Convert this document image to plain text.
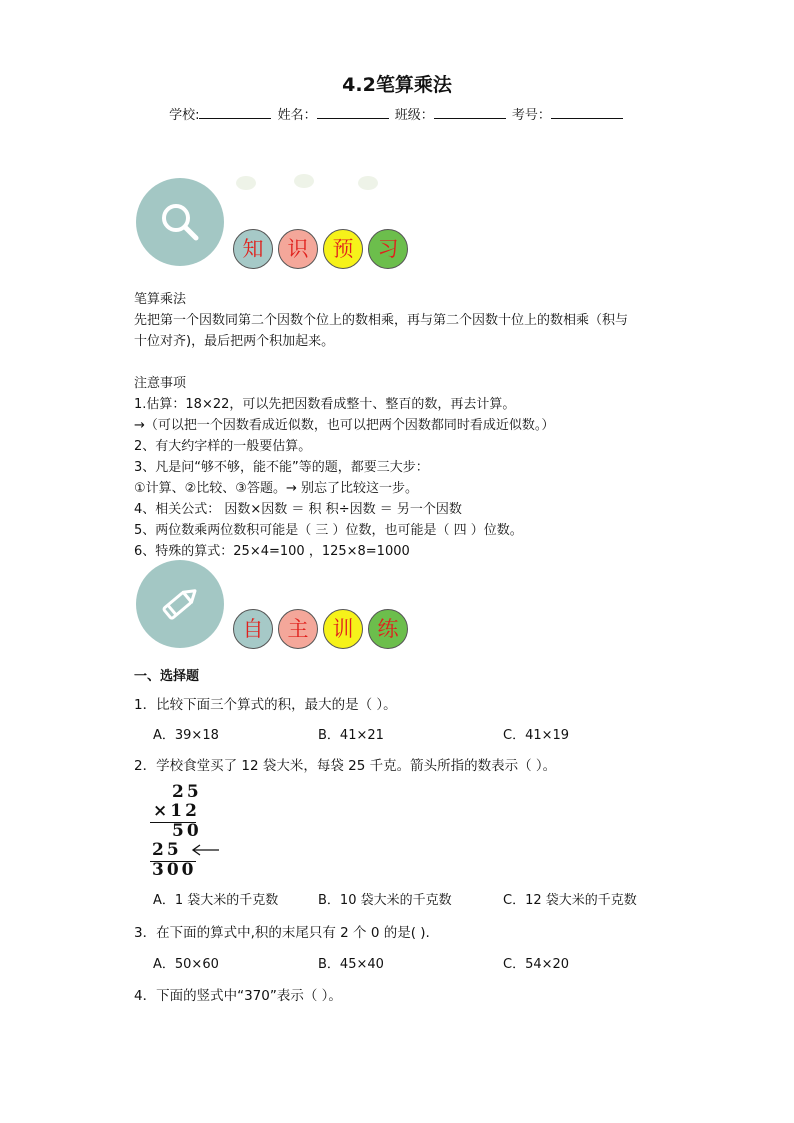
4.2笔算乘法
学校:	姓名：	班级：	考号：
知	识	预	习
笔算乘法
先把第一个因数同第二个因数个位上的数相乘，再与第二个因数十位上的数相乘（积与
十位对齐)，最后把两个积加起来。
注意事项
1.估算：18×22，可以先把因数看成整十、整百的数，再去计算。
→（可以把一个因数看成近似数，也可以把两个因数都同时看成近似数。）
2、有大约字样的一般要估算。
3、凡是问“够不够，能不能”等的题，都要三大步：
①计算、②比较、③答题。→ 别忘了比较这一步。
4、相关公式： 因数×因数 ＝ 积 积÷因数 ＝ 另一个因数
5、两位数乘两位数积可能是（ 三 ）位数，也可能是（ 四 ）位数。
6、特殊的算式：25×4=100 ，125×8=1000
自	主	训	练
一、选择题
1．比较下面三个算式的积，最大的是（ ）。
A．39×18	B．41×21	C．41×19
2．学校食堂买了 12 袋大米，每袋 25 千克。箭头所指的数表示（ ）。
25
×12
50
25
300
A．1 袋大米的千克数	B．10 袋大米的千克数	C．12 袋大米的千克数
3．在下面的算式中,积的末尾只有 2 个 0 的是( ).
A．50×60	B．45×40	C．54×20
4．下面的竖式中“370”表示（ ）。
